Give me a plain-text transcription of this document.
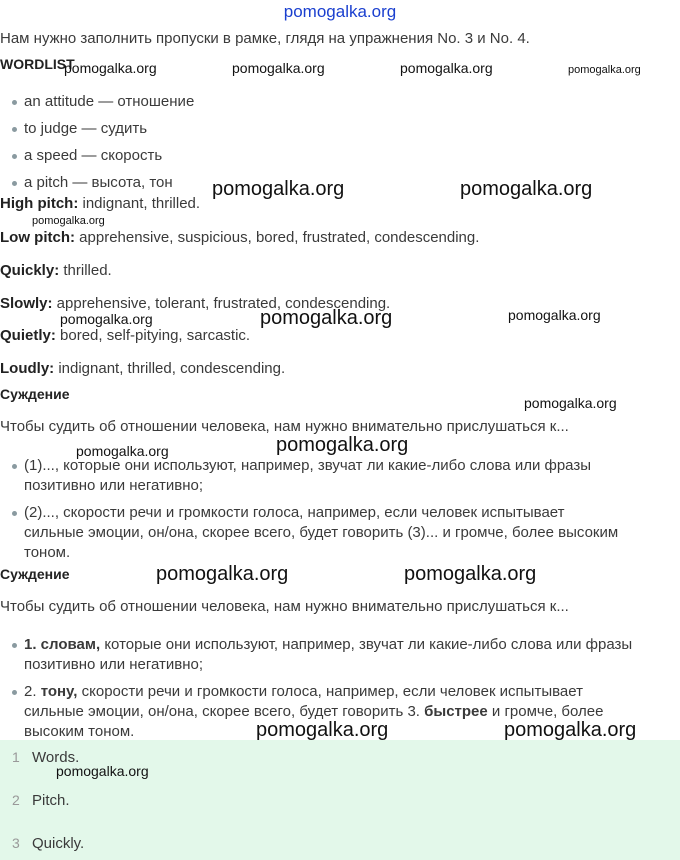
pomogalka.org
Нам нужно заполнить пропуски в рамке, глядя на упражнения No. 3 и No. 4.
WORDLIST
pomogalka.org	pomogalka.org	pomogalka.org	pomogalka.org
an attitude — отношение
to judge — судить
a speed — скорость
a pitch — высота, тон	pomogalka.org	pomogalka.org
High pitch: indignant, thrilled.
pomogalka.org
Low pitch: apprehensive, suspicious, bored, frustrated, condescending.
Quickly: thrilled.
Slowly: apprehensive, tolerant, frustrated, condescending.
pomogalka.org	pomogalka.org	pomogalka.org
Quietly: bored, self-pitying, sarcastic.
Loudly: indignant, thrilled, condescending.
Суждение
pomogalka.org
Чтобы судить об отношении человека, нам нужно внимательно прислушаться к...
pomogalka.org	pomogalka.org
(1)..., которые они используют, например, звучат ли какие-либо слова или фразы
позитивно или негативно;
(2)..., скорости речи и громкости голоса, например, если человек испытывает
сильные эмоции, он/она, скорее всего, будет говорить (3)... и громче, более высоким
тоном.
Суждение	pomogalka.org	pomogalka.org
Чтобы судить об отношении человека, нам нужно внимательно прислушаться к...
1. словам, которые они используют, например, звучат ли какие-либо слова или фразы
позитивно или негативно;
2. тону, скорости речи и громкости голоса, например, если человек испытывает
сильные эмоции, он/она, скорее всего, будет говорить 3. быстрее и громче, более
высоким тоном.
1 Words.
2 Pitch.
3 Quickly.
pomogalka.org	pomogalka.org
pomogalka.org
